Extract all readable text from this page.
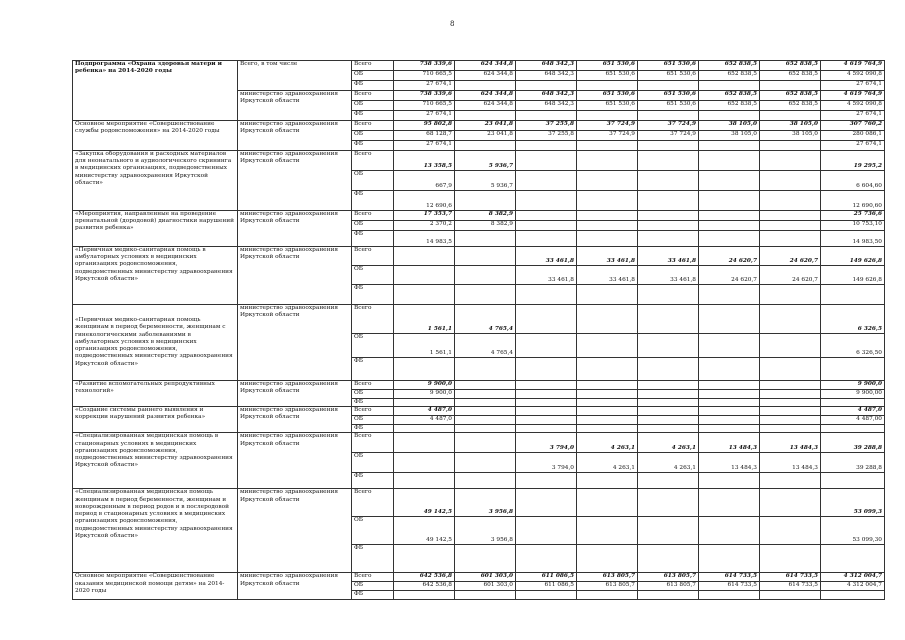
8
Подпрограмма «Охрана здоровья матери и ребенка» на 2014-2020 годы	Всего, в том числе	Всего	738 339,6	624 344,8	648 342,3	651 530,6	651 530,6	652 838,5	652 838,5	4 619 764,9
		ОБ	710 665,5	624 344,8	648 342,3	651 530,6	651 530,6	652 838,5	652 838,5	4 592 090,8
		ФБ	27 674,1							27 674,1
	министерство здравоохранения Иркутской области	Всего	738 339,6	624 344,8	648 342,3	651 530,6	651 530,6	652 838,5	652 838,5	4 619 764,9
		ОБ	710 665,5	624 344,8	648 342,3	651 530,6	651 530,6	652 838,5	652 838,5	4 592 090,8
		ФБ	27 674,1							27 674,1
Основное мероприятие «Совершенствование службы родовспоможения» на 2014-2020 годы	министерство здравоохранения Иркутской области	Всего	95 802,8	23 041,8	37 255,8	37 724,9	37 724,9	38 105,0	38 105,0	307 760,2
		ОБ	68 128,7	23 041,8	37 255,8	37 724,9	37 724,9	38 105,0	38 105,0	280 086,1
		ФБ	27 674,1							27 674,1
«Закупка оборудования и расходных материалов для неонатального и аудиологического скрининга в медицинских организациях, подведомственных министерству здравоохранения Иркутской области»	министерство здравоохранения Иркутской области	Всего	13 358,5	5 936,7						19 295,2
		ОБ	667,9	5 936,7						6 604,60
		ФБ	12 690,6							12 690,60
«Мероприятия, направленные на проведение пренатальной (дородовой) диагностики нарушений развития ребенка»	министерство здравоохранения Иркутской области	Всего	17 353,7	8 382,9						25 736,6
		ОБ	2 370,2	8 382,9						10 753,10
		ФБ	14 983,5							14 983,50
«Первичная медико-санитарная помощь в амбулаторных условиях в медицинских организациях родовспоможения, подведомственных министерству здравоохранения Иркутской области»	министерство здравоохранения Иркутской области	Всего			33 461,8	33 461,8	33 461,8	24 620,7	24 620,7	149 626,8
		ОБ			33 461,8	33 461,8	33 461,8	24 620,7	24 620,7	149 626,8
		ФБ								
«Первичная медико-санитарная помощь женщинам в период беременности, женщинам с гинекологическими заболеваниями в амбулаторных условиях в медицинских организациях родовспоможения, подведомственных министерству здравоохранения Иркутской области»	министерство здравоохранения Иркутской области	Всего	1 561,1	4 765,4						6 326,5
		ОБ	1 561,1	4 765,4						6 326,50
		ФБ								
«Развитие вспомогательных репродуктивных технологий»	министерство здравоохранения Иркутской области	Всего	9 900,0							9 900,0
		ОБ	9 900,0							9 900,00
		ФБ								
«Создание системы раннего выявления и коррекции нарушений развития ребенка»	министерство здравоохранения Иркутской области	Всего	4 487,0							4 487,0
		ОБ	4 487,0							4 487,00
		ФБ								
«Специализированная медицинская помощь в стационарных условиях в медицинских организациях родовспоможения, подведомственных министерству здравоохранения Иркутской области»	министерство здравоохранения Иркутской области	Всего			3 794,0	4 263,1	4 263,1	13 484,3	13 484,3	39 288,8
		ОБ			3 794,0	4 263,1	4 263,1	13 484,3	13 484,3	39 288,8
		ФБ								
«Специализированная медицинская помощь женщинам в период беременности, женщинам и новорожденным в период родов и в послеродовой период в стационарных условиях в медицинских организациях родовспоможения, подведомственных министерству здравоохранения Иркутской области»	министерство здравоохранения Иркутской области	Всего	49 142,5	3 956,8						53 099,3
		ОБ	49 142,5	3 956,8						53 099,30
		ФБ								
Основное мероприятие «Совершенствование оказания медицинской помощи детям» на 2014-2020 годы	министерство здравоохранения Иркутской области	Всего	642 536,8	601 303,0	611 086,5	613 805,7	613 805,7	614 733,5	614 733,5	4 312 004,7
		ОБ	642 536,8	601 303,0	611 086,5	613 805,7	613 805,7	614 733,5	614 733,5	4 312 004,7
		ФБ								
